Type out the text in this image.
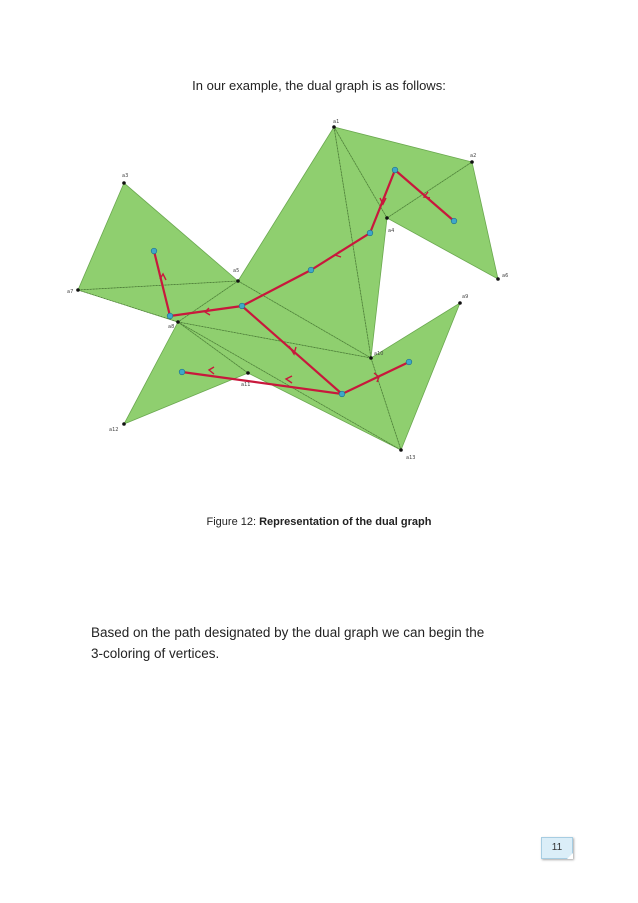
In our example, the dual graph is as follows:
a1
a2
a3
a4
a5
a6
a7
a8
a9
a10
a11
a12
a13
Figure 12: Representation of the dual graph
Based on the path designated by the dual graph we can begin the
3-coloring of vertices.
11
